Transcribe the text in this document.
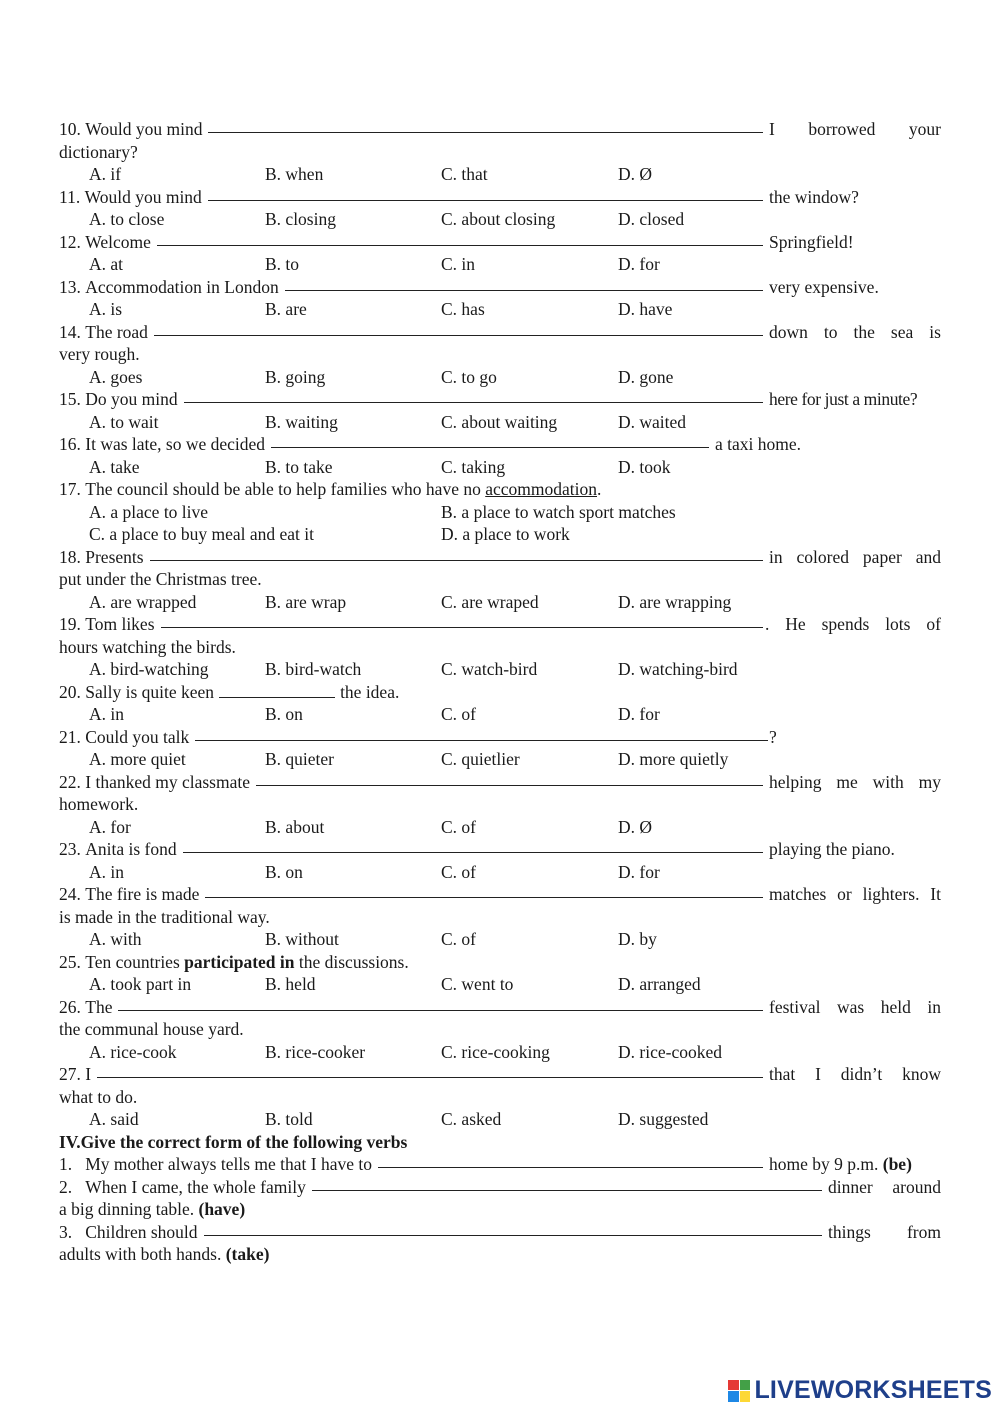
10.
Would you mind	I borrowed your
dictionary?
A. if	B. when	C. that	D. Ø
11.
Would you mind	the window?
A. to close	B. closing	C. about closing	D. closed
12.
Welcome	Springfield!
A. at	B. to	C. in	D. for
13.
Accommodation in London	very expensive.
A. is	B. are	C. has	D. have
14.
The road	down to the sea is
very rough.
A. goes	B. going	C. to go	D. gone
15.
Do you mind	here for just a minute?
A. to wait	B. waiting	C. about waiting	D. waited
16.
It was late, so we decided	a taxi home.
A. take	B. to take	C. taking	D. took
17. The council should be able to help families who have no accommodation.
A. a place to live	B. a place to watch sport matches
C. a place to buy meal and eat it	D. a place to work
18.
Presents	in colored paper and
put under the Christmas tree.
A. are wrapped	B. are wrap	C. are wraped	D. are wrapping
19.
Tom likes	. He spends lots of
hours watching the birds.
A. bird-watching	B. bird-watch	C. watch-bird	D. watching-bird
20. Sally is quite keen	the idea.
A. in	B. on	C. of	D. for
21.
Could you talk	?
A. more quiet	B. quieter	C. quietlier	D. more quietly
22.
I thanked my classmate	helping me with my
homework.
A. for	B. about	C. of	D. Ø
23.
Anita is fond	playing the piano.
A. in	B. on	C. of	D. for
24.
The fire is made	matches or lighters. It
is made in the traditional way.
A. with	B. without	C. of	D. by
25. Ten countries participated in the discussions.
A. took part in	B. held	C. went to	D. arranged
26.
The	festival was held in
the communal house yard.
A. rice-cook	B. rice-cooker	C. rice-cooking	D. rice-cooked
27.
I	that I didn’t know
what to do.
A. said	B. told	C. asked	D. suggested
IV.Give the correct form of the following verbs
1.
My mother always tells me that I have to	home by 9 p.m. (be)
2.
When I came, the whole family	dinner around
a big dinning table. (have)
3.
Children should	things from
adults with both hands. (take)
LIVEWORKSHEETS
